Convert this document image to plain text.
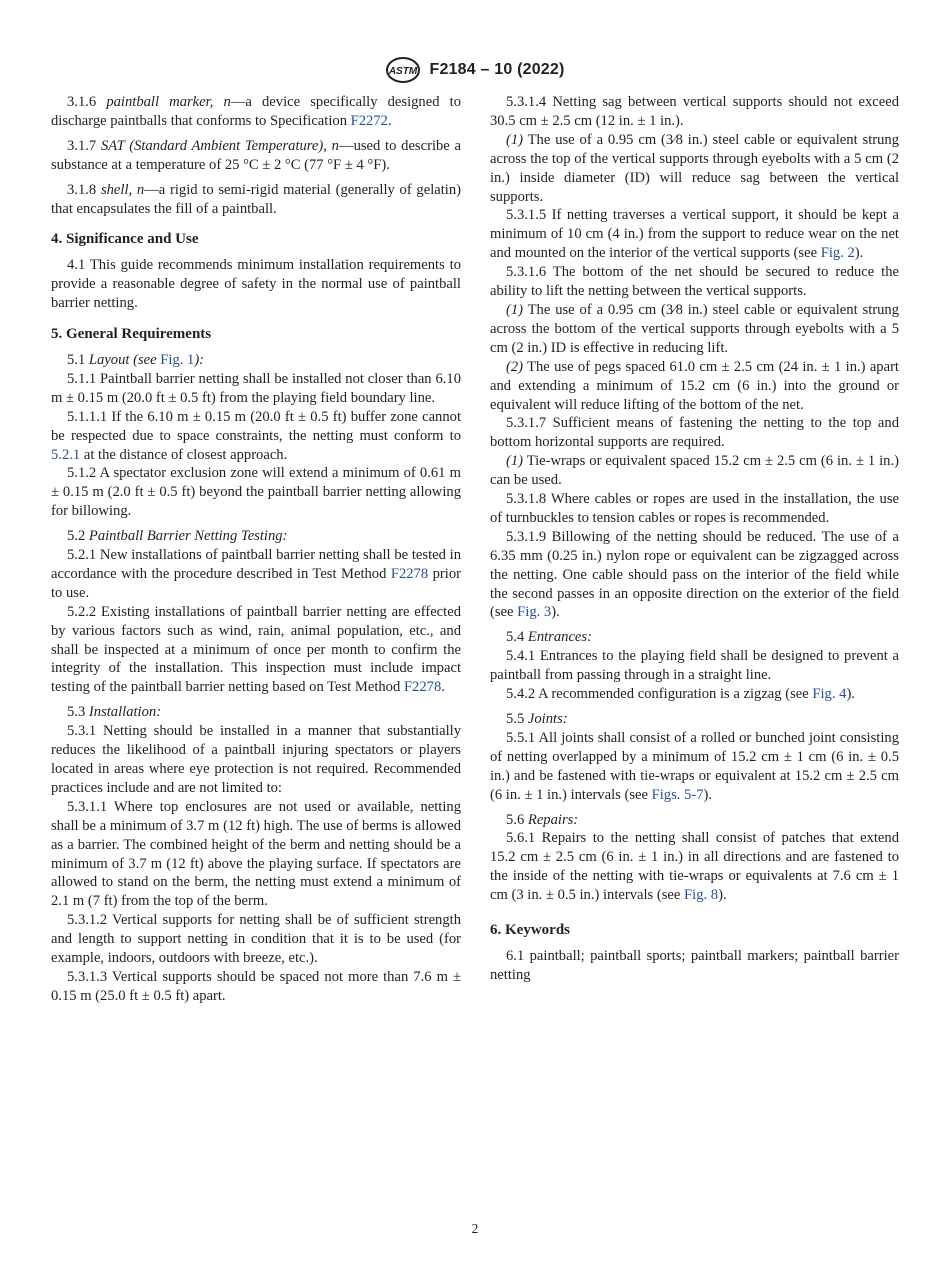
ASTM F2184 – 10 (2022)

3.1.6 paintball marker, n—a device specifically designed to discharge paintballs that conforms to Specification F2272.

3.1.7 SAT (Standard Ambient Temperature), n—used to describe a substance at a temperature of 25 °C ± 2 °C (77 °F ± 4 °F).

3.1.8 shell, n—a rigid to semi-rigid material (generally of gelatin) that encapsulates the fill of a paintball.

4. Significance and Use

4.1 This guide recommends minimum installation requirements to provide a reasonable degree of safety in the normal use of paintball barrier netting.

5. General Requirements

5.1 Layout (see Fig. 1):

5.1.1 Paintball barrier netting shall be installed not closer than 6.10 m ± 0.15 m (20.0 ft ± 0.5 ft) from the playing field boundary line.

5.1.1.1 If the 6.10 m ± 0.15 m (20.0 ft ± 0.5 ft) buffer zone cannot be respected due to space constraints, the netting must conform to 5.2.1 at the distance of closest approach.

5.1.2 A spectator exclusion zone will extend a minimum of 0.61 m ± 0.15 m (2.0 ft ± 0.5 ft) beyond the paintball barrier netting allowing for billowing.

5.2 Paintball Barrier Netting Testing:

5.2.1 New installations of paintball barrier netting shall be tested in accordance with the procedure described in Test Method F2278 prior to use.

5.2.2 Existing installations of paintball barrier netting are effected by various factors such as wind, rain, animal population, etc., and shall be inspected at a minimum of once per month to confirm the integrity of the installation. This inspection must include impact testing of the paintball barrier netting based on Test Method F2278.

5.3 Installation:

5.3.1 Netting should be installed in a manner that substantially reduces the likelihood of a paintball injuring spectators or players located in areas where eye protection is not required. Recommended practices include and are not limited to:

5.3.1.1 Where top enclosures are not used or available, netting shall be a minimum of 3.7 m (12 ft) high. The use of berms is allowed as a barrier. The combined height of the berm and netting should be a minimum of 3.7 m (12 ft) above the playing surface. If spectators are allowed to stand on the berm, the netting must extend a minimum of 2.1 m (7 ft) from the top of the berm.

5.3.1.2 Vertical supports for netting shall be of sufficient strength and length to support netting in condition that it is to be used (for example, indoors, outdoors with breeze, etc.).

5.3.1.3 Vertical supports should be spaced not more than 7.6 m ± 0.15 m (25.0 ft ± 0.5 ft) apart.

5.3.1.4 Netting sag between vertical supports should not exceed 30.5 cm ± 2.5 cm (12 in. ± 1 in.).

(1) The use of a 0.95 cm (3⁄8 in.) steel cable or equivalent strung across the top of the vertical supports through eyebolts with a 5 cm (2 in.) inside diameter (ID) will reduce sag between the vertical supports.

5.3.1.5 If netting traverses a vertical support, it should be kept a minimum of 10 cm (4 in.) from the support to reduce wear on the net and mounted on the interior of the vertical supports (see Fig. 2).

5.3.1.6 The bottom of the net should be secured to reduce the ability to lift the netting between the vertical supports.

(1) The use of a 0.95 cm (3⁄8 in.) steel cable or equivalent strung across the bottom of the vertical supports through eyebolts with a 5 cm (2 in.) ID is effective in reducing lift.

(2) The use of pegs spaced 61.0 cm ± 2.5 cm (24 in. ± 1 in.) apart and extending a minimum of 15.2 cm (6 in.) into the ground or equivalent will reduce lifting of the bottom of the net.

5.3.1.7 Sufficient means of fastening the netting to the top and bottom horizontal supports are required.

(1) Tie-wraps or equivalent spaced 15.2 cm ± 2.5 cm (6 in. ± 1 in.) can be used.

5.3.1.8 Where cables or ropes are used in the installation, the use of turnbuckles to tension cables or ropes is recommended.

5.3.1.9 Billowing of the netting should be reduced. The use of a 6.35 mm (0.25 in.) nylon rope or equivalent can be zigzagged across the netting. One cable should pass on the interior of the field while the second passes in an opposite direction on the exterior of the field (see Fig. 3).

5.4 Entrances:

5.4.1 Entrances to the playing field shall be designed to prevent a paintball from passing through in a straight line.

5.4.2 A recommended configuration is a zigzag (see Fig. 4).

5.5 Joints:

5.5.1 All joints shall consist of a rolled or bunched joint consisting of netting overlapped by a minimum of 15.2 cm ± 1 cm (6 in. ± 0.5 in.) and be fastened with tie-wraps or equivalent at 15.2 cm ± 2.5 cm (6 in. ± 1 in.) intervals (see Figs. 5-7).

5.6 Repairs:

5.6.1 Repairs to the netting shall consist of patches that extend 15.2 cm ± 2.5 cm (6 in. ± 1 in.) in all directions and are fastened to the inside of the netting with tie-wraps or equivalents at 7.6 cm ± 1 cm (3 in. ± 0.5 in.) intervals (see Fig. 8).

6. Keywords

6.1 paintball; paintball sports; paintball markers; paintball barrier netting

2
